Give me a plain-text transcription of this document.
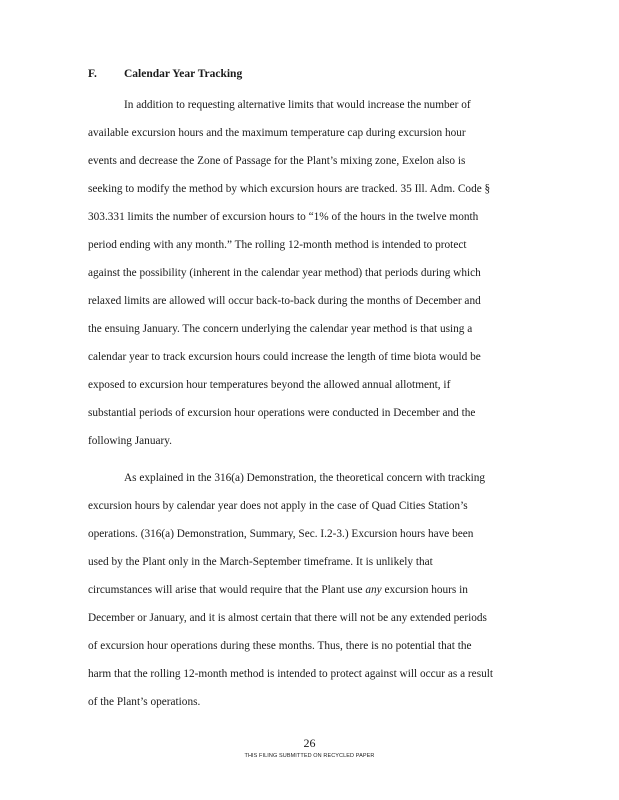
F. Calendar Year Tracking
In addition to requesting alternative limits that would increase the number of
available excursion hours and the maximum temperature cap during excursion hour
events and decrease the Zone of Passage for the Plant’s mixing zone, Exelon also is
seeking to modify the method by which excursion hours are tracked. 35 Ill. Adm. Code §
303.331 limits the number of excursion hours to “1% of the hours in the twelve month
period ending with any month.” The rolling 12-month method is intended to protect
against the possibility (inherent in the calendar year method) that periods during which
relaxed limits are allowed will occur back-to-back during the months of December and
the ensuing January. The concern underlying the calendar year method is that using a
calendar year to track excursion hours could increase the length of time biota would be
exposed to excursion hour temperatures beyond the allowed annual allotment, if
substantial periods of excursion hour operations were conducted in December and the
following January.
As explained in the 316(a) Demonstration, the theoretical concern with tracking
excursion hours by calendar year does not apply in the case of Quad Cities Station’s
operations. (316(a) Demonstration, Summary, Sec. I.2-3.) Excursion hours have been
used by the Plant only in the March-September timeframe. It is unlikely that
circumstances will arise that would require that the Plant use any excursion hours in
December or January, and it is almost certain that there will not be any extended periods
of excursion hour operations during these months. Thus, there is no potential that the
harm that the rolling 12-month method is intended to protect against will occur as a result
of the Plant’s operations.
26
THIS FILING SUBMITTED ON RECYCLED PAPER
